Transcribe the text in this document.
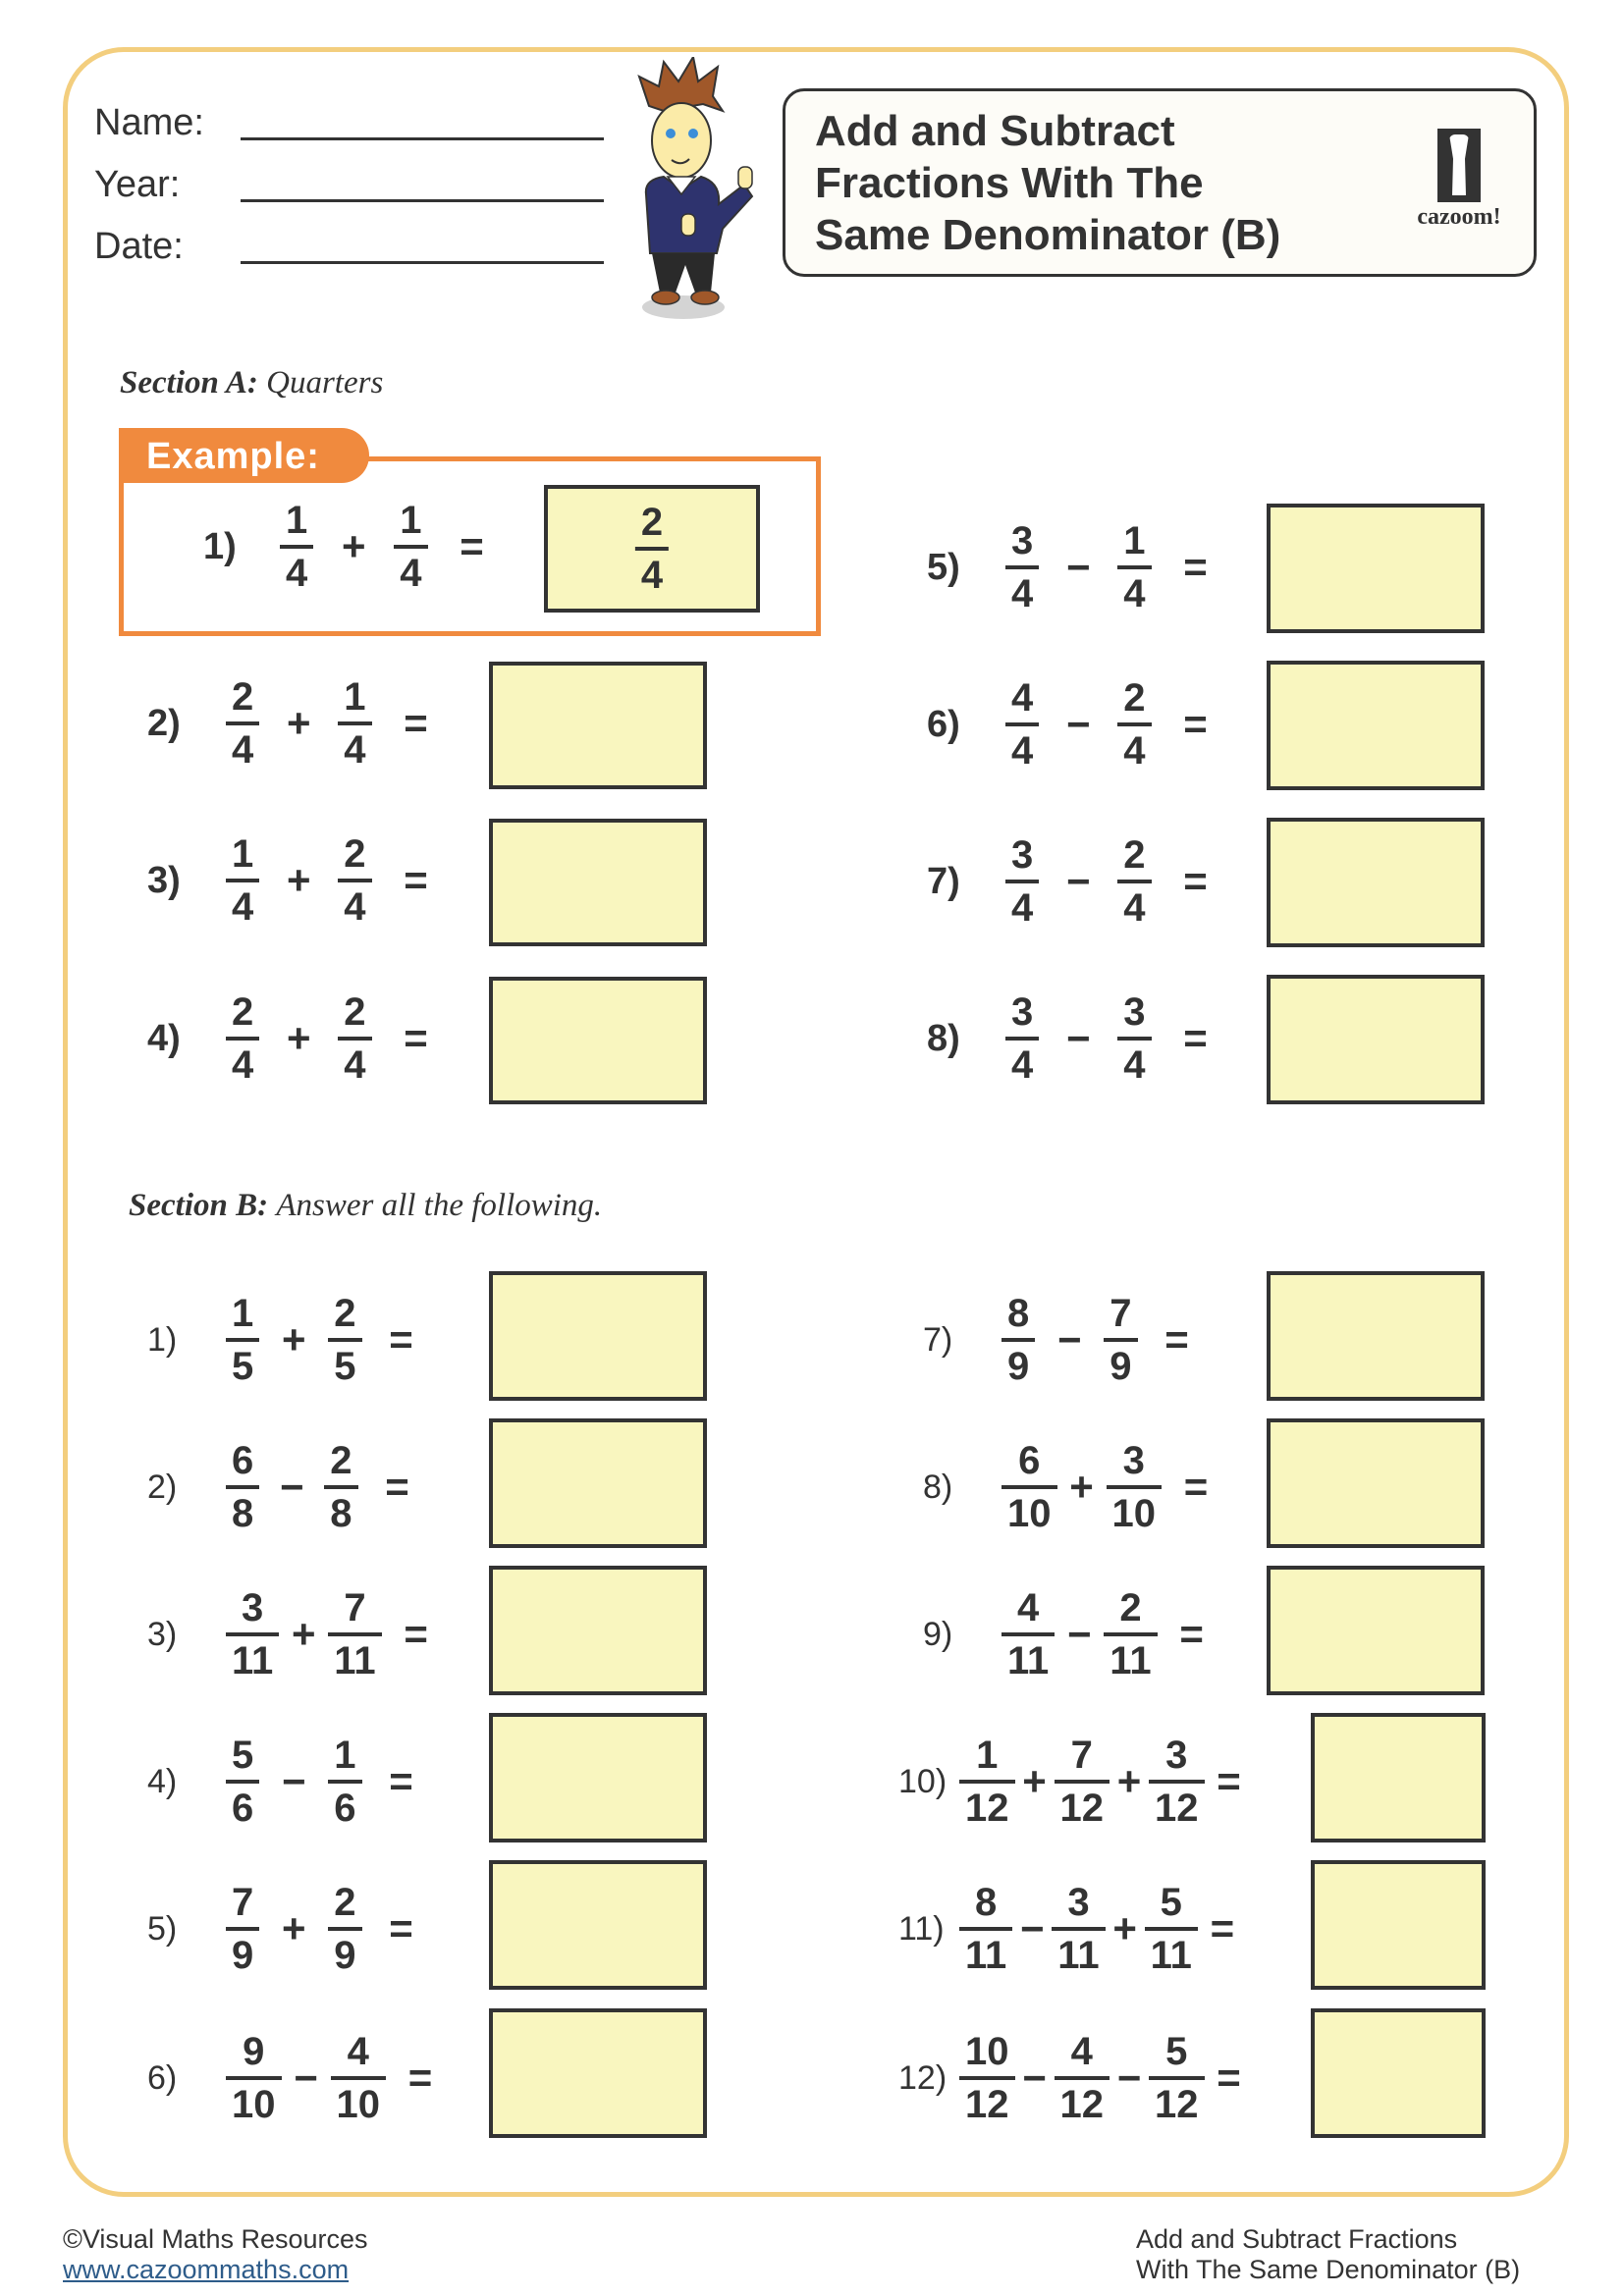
Name:
Year:
Date:
Add and Subtract
Fractions With The
Same Denominator (B)	cazoom!
Section A: Quarters
Example:
1)	$\frac{1}{4} + \frac{1}{4}$ =
2
4
2)	$\frac{2}{4} + \frac{1}{4}$ =
3)	$\frac{1}{4} + \frac{2}{4}$ =
4)	$\frac{2}{4} + \frac{2}{4}$ =
5)	$\frac{3}{4} - \frac{1}{4}$ =
6)	$\frac{4}{4} - \frac{2}{4}$ =
7)	$\frac{3}{4} - \frac{2}{4}$ =
8)	$\frac{3}{4} - \frac{3}{4}$ =
Section B: Answer all the following.
1)	$\frac{1}{5} + \frac{2}{5}$ =
2)	$\frac{6}{8} - \frac{2}{8}$ =
3)	$\frac{3}{11} + \frac{7}{11}$ =
4)	$\frac{5}{6} - \frac{1}{6}$ =
5)	$\frac{7}{9} + \frac{2}{9}$ =
6)	$\frac{9}{10} - \frac{4}{10}$ =
7)	$\frac{8}{9} - \frac{7}{9}$ =
8)	$\frac{6}{10} + \frac{3}{10}$ =
9)	$\frac{4}{11} - \frac{2}{11}$ =
$10) \frac{1}{12} + \frac{7}{12} + \frac{3}{12}$ =
$11) \frac{8}{11} - \frac{3}{11} + \frac{5}{11}$ =
$12) \frac{10}{12} - \frac{4}{12} - \frac{5}{12}$ =
©Visual Maths Resources
www.cazoommaths.com
Add and Subtract Fractions
With The Same Denominator (B)
